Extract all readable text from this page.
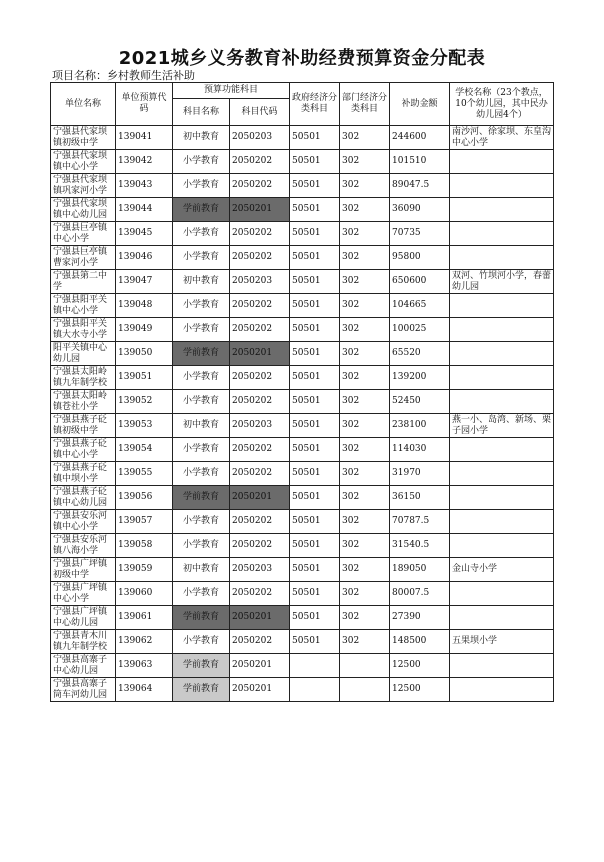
2021城乡义务教育补助经费预算资金分配表
项目名称：乡村教师生活补助
单位名称	单位预算代码	预算功能科目		政府经济分类科目	部门经济分类科目	补助金额	学校名称（23个教点，10个幼儿园，其中民办幼儿园4个）
		科目名称	科目代码				
宁强县代家坝镇初级中学	139041	初中教育	2050203	50501	302	244600	南沙河、徐家坝、东皇沟中心小学
宁强县代家坝镇中心小学	139042	小学教育	2050202	50501	302	101510	
宁强县代家坝镇巩家河小学	139043	小学教育	2050202	50501	302	89047.5	
宁强县代家坝镇中心幼儿园	139044	学前教育	2050201	50501	302	36090	
宁强县巨亭镇中心小学	139045	小学教育	2050202	50501	302	70735	
宁强县巨亭镇曹家河小学	139046	小学教育	2050202	50501	302	95800	
宁强县第二中学	139047	初中教育	2050203	50501	302	650600	双河、竹坝河小学，春蕾幼儿园
宁强县阳平关镇中心小学	139048	小学教育	2050202	50501	302	104665	
宁强县阳平关镇大水寺小学	139049	小学教育	2050202	50501	302	100025	
阳平关镇中心幼儿园	139050	学前教育	2050201	50501	302	65520	
宁强县太阳岭镇九年制学校	139051	小学教育	2050202	50501	302	139200	
宁强县太阳岭镇苍社小学	139052	小学教育	2050202	50501	302	52450	
宁强县燕子砭镇初级中学	139053	初中教育	2050203	50501	302	238100	燕一小、岛湾、新场、栗子园小学
宁强县燕子砭镇中心小学	139054	小学教育	2050202	50501	302	114030	
宁强县燕子砭镇中坝小学	139055	小学教育	2050202	50501	302	31970	
宁强县燕子砭镇中心幼儿园	139056	学前教育	2050201	50501	302	36150	
宁强县安乐河镇中心小学	139057	小学教育	2050202	50501	302	70787.5	
宁强县安乐河镇八海小学	139058	小学教育	2050202	50501	302	31540.5	
宁强县广坪镇初级中学	139059	初中教育	2050203	50501	302	189050	金山寺小学
宁强县广坪镇中心小学	139060	小学教育	2050202	50501	302	80007.5	
宁强县广坪镇中心幼儿园	139061	学前教育	2050201	50501	302	27390	
宁强县青木川镇九年制学校	139062	小学教育	2050202	50501	302	148500	五果坝小学
宁强县高寨子中心幼儿园	139063	学前教育	2050201			12500	
宁强县高寨子筒车河幼儿园	139064	学前教育	2050201			12500	
